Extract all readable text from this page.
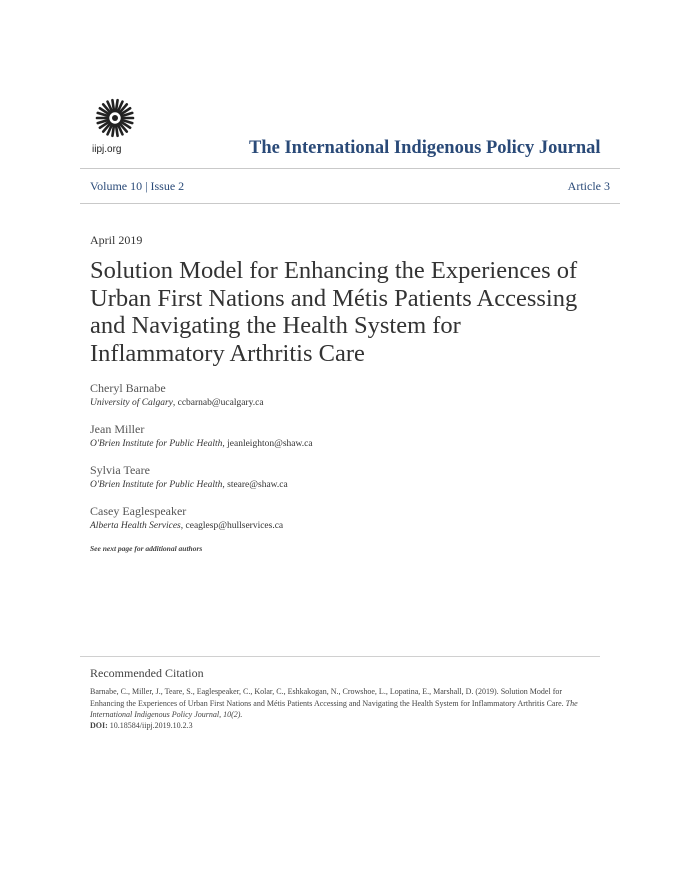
iipj.org	The International Indigenous Policy Journal
Volume 10 | Issue 2	Article 3
April 2019
Solution Model for Enhancing the Experiences of Urban First Nations and Métis Patients Accessing and Navigating the Health System for Inflammatory Arthritis Care
Cheryl Barnabe
University of Calgary, ccbarnab@ucalgary.ca
Jean Miller
O'Brien Institute for Public Health, jeanleighton@shaw.ca
Sylvia Teare
O'Brien Institute for Public Health, steare@shaw.ca
Casey Eaglespeaker
Alberta Health Services, ceaglesp@hullservices.ca
See next page for additional authors
Recommended Citation
Barnabe, C., Miller, J., Teare, S., Eaglespeaker, C., Kolar, C., Eshkakogan, N., Crowshoe, L., Lopatina, E., Marshall, D. (2019). Solution Model for Enhancing the Experiences of Urban First Nations and Métis Patients Accessing and Navigating the Health System for Inflammatory Arthritis Care. The International Indigenous Policy Journal, 10(2).
DOI: 10.18584/iipj.2019.10.2.3
